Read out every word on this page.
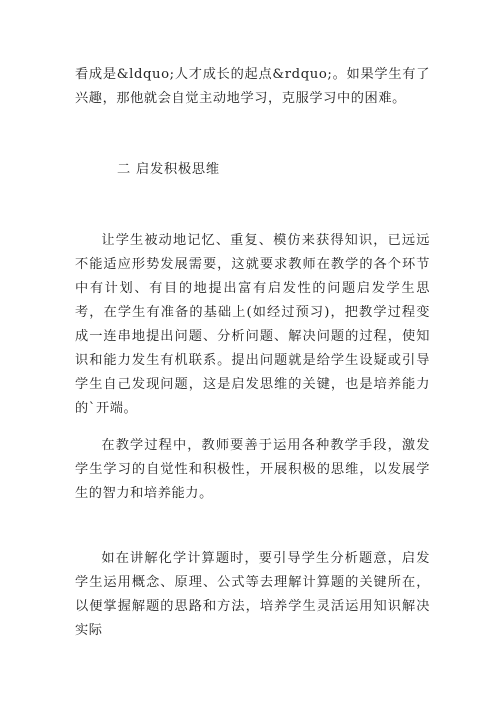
看成是&ldquo;人才成长的起点&rdquo;。如果学生有了兴趣，那他就会自觉主动地学习，克服学习中的困难。

二 启发积极思维

让学生被动地记忆、重复、模仿来获得知识，已远远不能适应形势发展需要，这就要求教师在教学的各个环节中有计划、有目的地提出富有启发性的问题启发学生思考，在学生有准备的基础上(如经过预习)，把教学过程变成一连串地提出问题、分析问题、解决问题的过程，使知识和能力发生有机联系。提出问题就是给学生设疑或引导学生自己发现问题，这是启发思维的关键，也是培养能力的`开端。

在教学过程中，教师要善于运用各种教学手段，激发学生学习的自觉性和积极性，开展积极的思维，以发展学生的智力和培养能力。

如在讲解化学计算题时，要引导学生分析题意，启发学生运用概念、原理、公式等去理解计算题的关键所在，以便掌握解题的思路和方法，培养学生灵活运用知识解决实际
